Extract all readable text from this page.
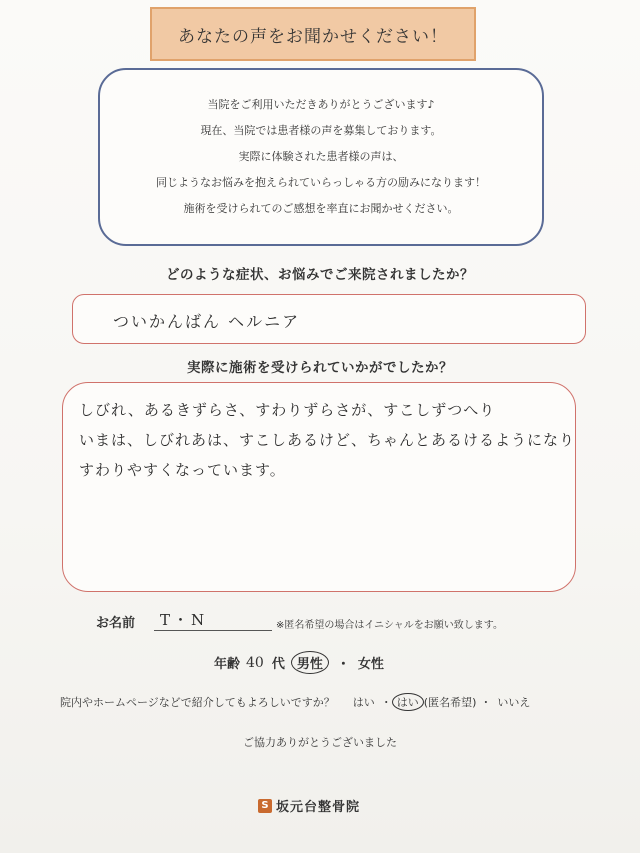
あなたの声をお聞かせください！
当院をご利用いただきありがとうございます♪
現在、当院では患者様の声を募集しております。
実際に体験された患者様の声は、
同じようなお悩みを抱えられていらっしゃる方の励みになります！
施術を受けられてのご感想を率直にお聞かせください。
どのような症状、お悩みでご来院されましたか？
ついかんばん ヘルニア
実際に施術を受けられていかがでしたか？
しびれ、あるきずらさ、すわりずらさが、すこしずつへり
いまは、しびれあは、すこしあるけど、ちゃんとあるけるようになり
すわりやすくなっています。
お名前	T・N	※匿名希望の場合はイニシャルをお願い致します。
年齢 40 代 男性	・ 女性
院内やホームページなどで紹介してもよろしいですか？ はい ・ はい (匿名希望) ・ いいえ
ご協力ありがとうございました
S 坂元台整骨院
